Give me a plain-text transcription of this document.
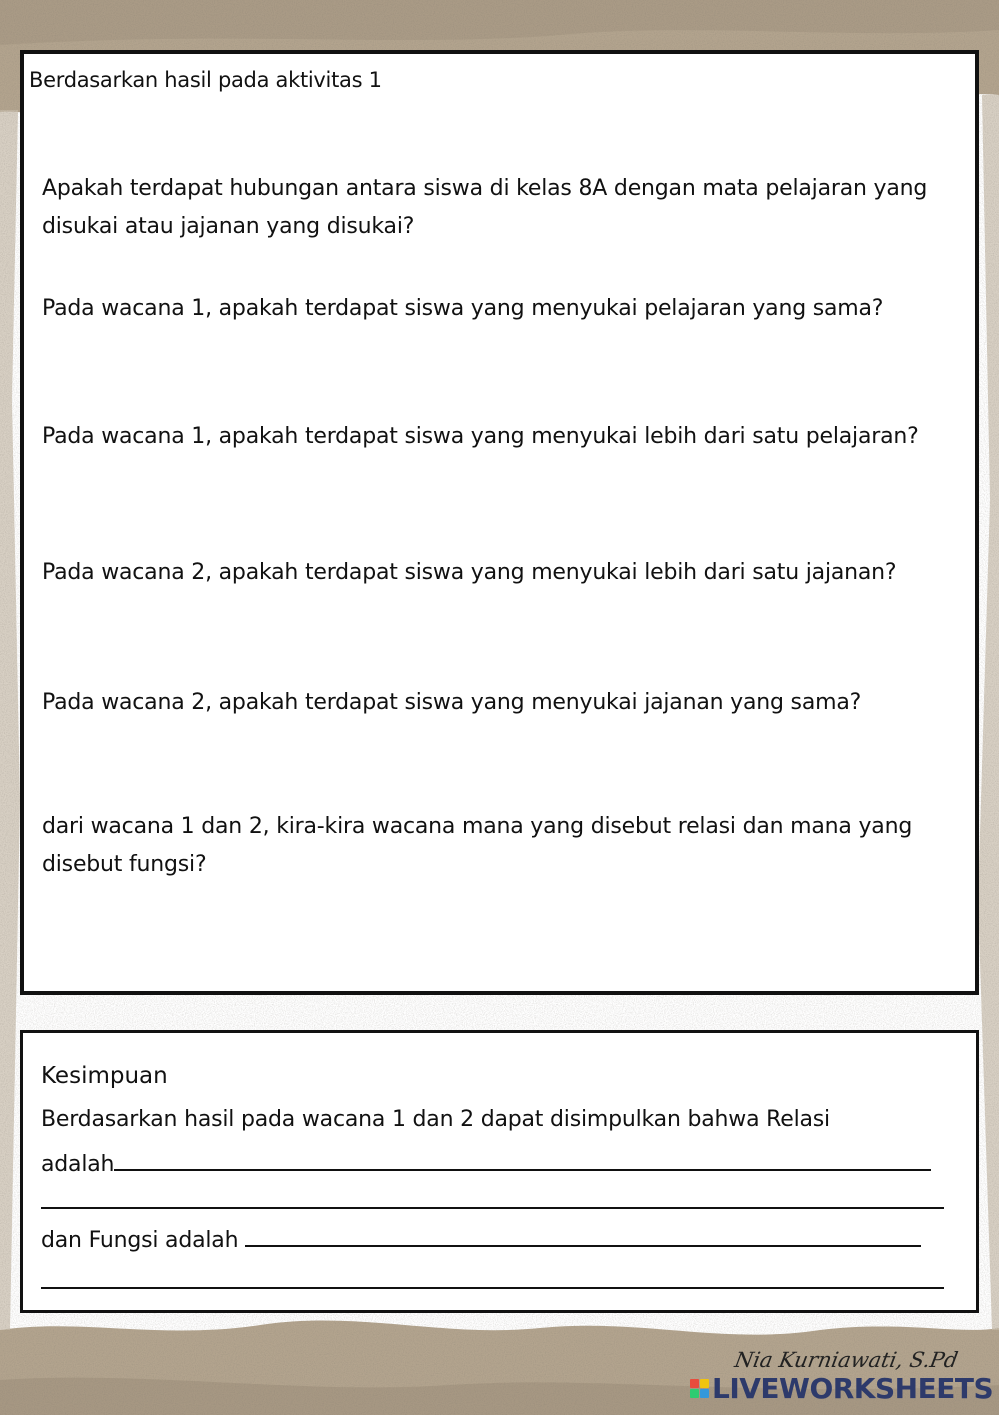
Berdasarkan hasil pada aktivitas 1
Apakah terdapat hubungan antara siswa di kelas 8A dengan mata pelajaran yang disukai atau jajanan yang disukai?
Pada wacana 1, apakah terdapat siswa yang menyukai pelajaran yang sama?
Pada wacana 1, apakah terdapat siswa yang menyukai lebih dari satu pelajaran?
Pada wacana 2, apakah terdapat siswa yang menyukai lebih dari satu jajanan?
Pada wacana 2, apakah terdapat siswa yang menyukai jajanan yang sama?
dari wacana 1 dan 2, kira-kira wacana mana yang disebut relasi dan mana yang disebut fungsi?
Kesimpuan
Berdasarkan hasil pada wacana 1 dan 2 dapat disimpulkan bahwa Relasi
adalah
dan Fungsi adalah
Nia Kurniawati, S.Pd
LIVEWORKSHEETS
